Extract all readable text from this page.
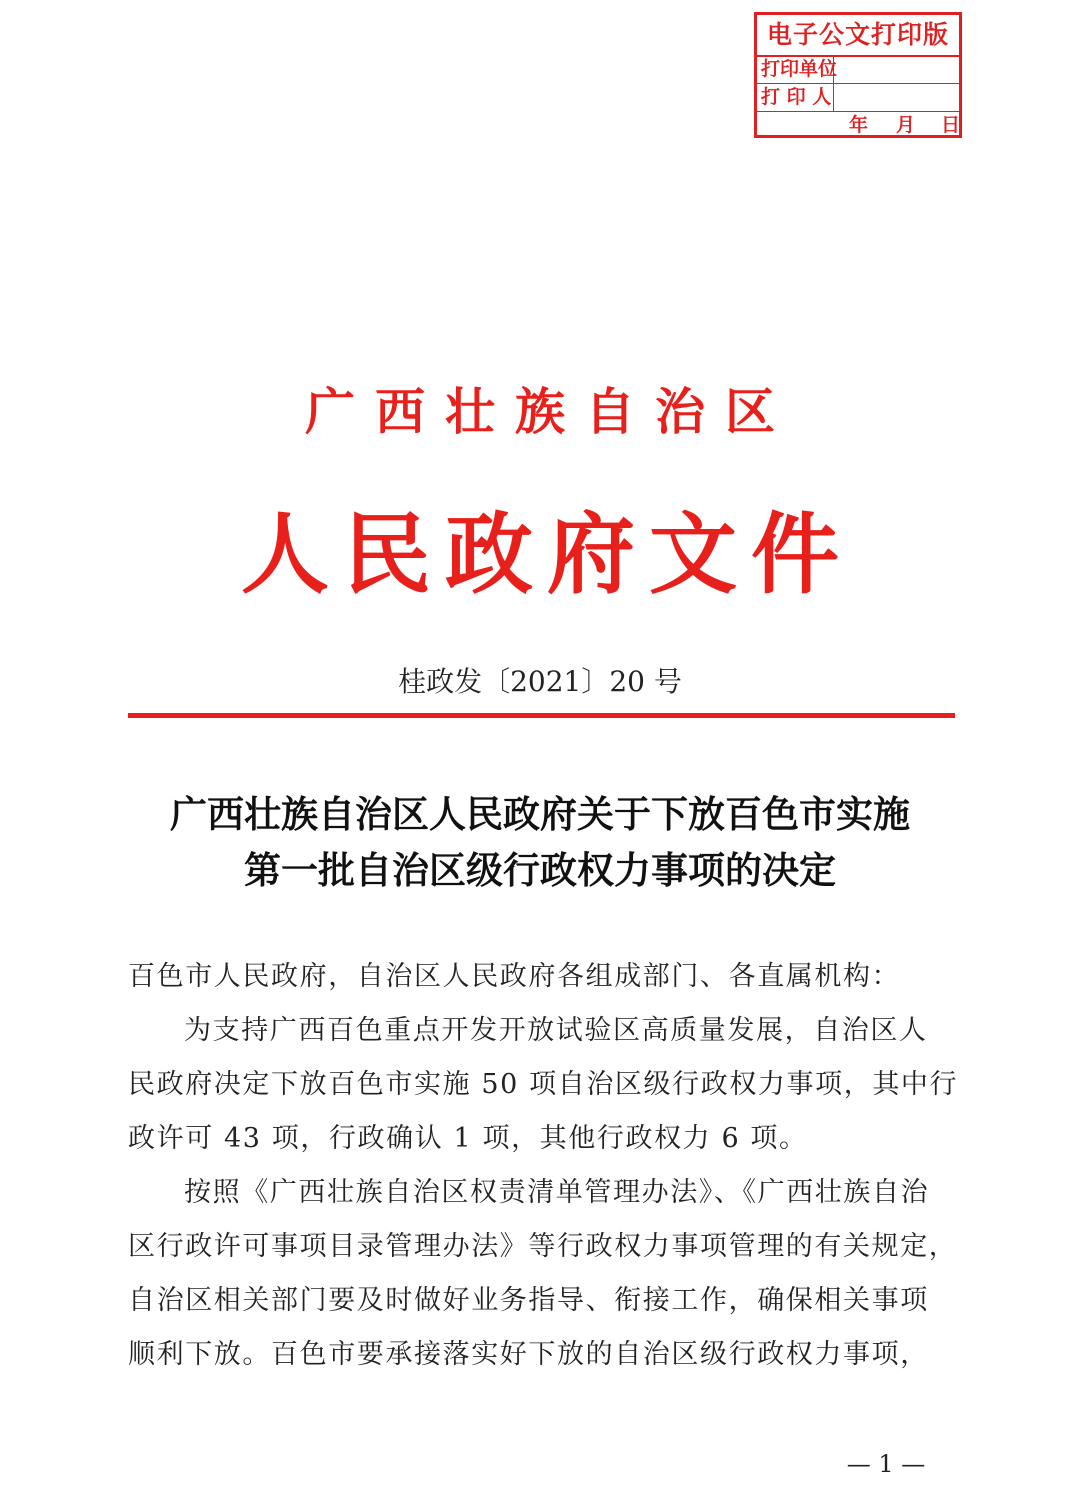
电子公文打印版
打印单位
打 印 人
年 月 日
广西壮族自治区
人民政府文件
桂政发〔2021〕20 号
广西壮族自治区人民政府关于下放百色市实施
第一批自治区级行政权力事项的决定
百色市人民政府，自治区人民政府各组成部门、各直属机构：
为支持广西百色重点开发开放试验区高质量发展，自治区人
民政府决定下放百色市实施 50 项自治区级行政权力事项，其中行
政许可 43 项，行政确认 1 项，其他行政权力 6 项。
按照《广西壮族自治区权责清单管理办法》、《广西壮族自治
区行政许可事项目录管理办法》等行政权力事项管理的有关规定，
自治区相关部门要及时做好业务指导、衔接工作，确保相关事项
顺利下放。百色市要承接落实好下放的自治区级行政权力事项，
— 1 —
